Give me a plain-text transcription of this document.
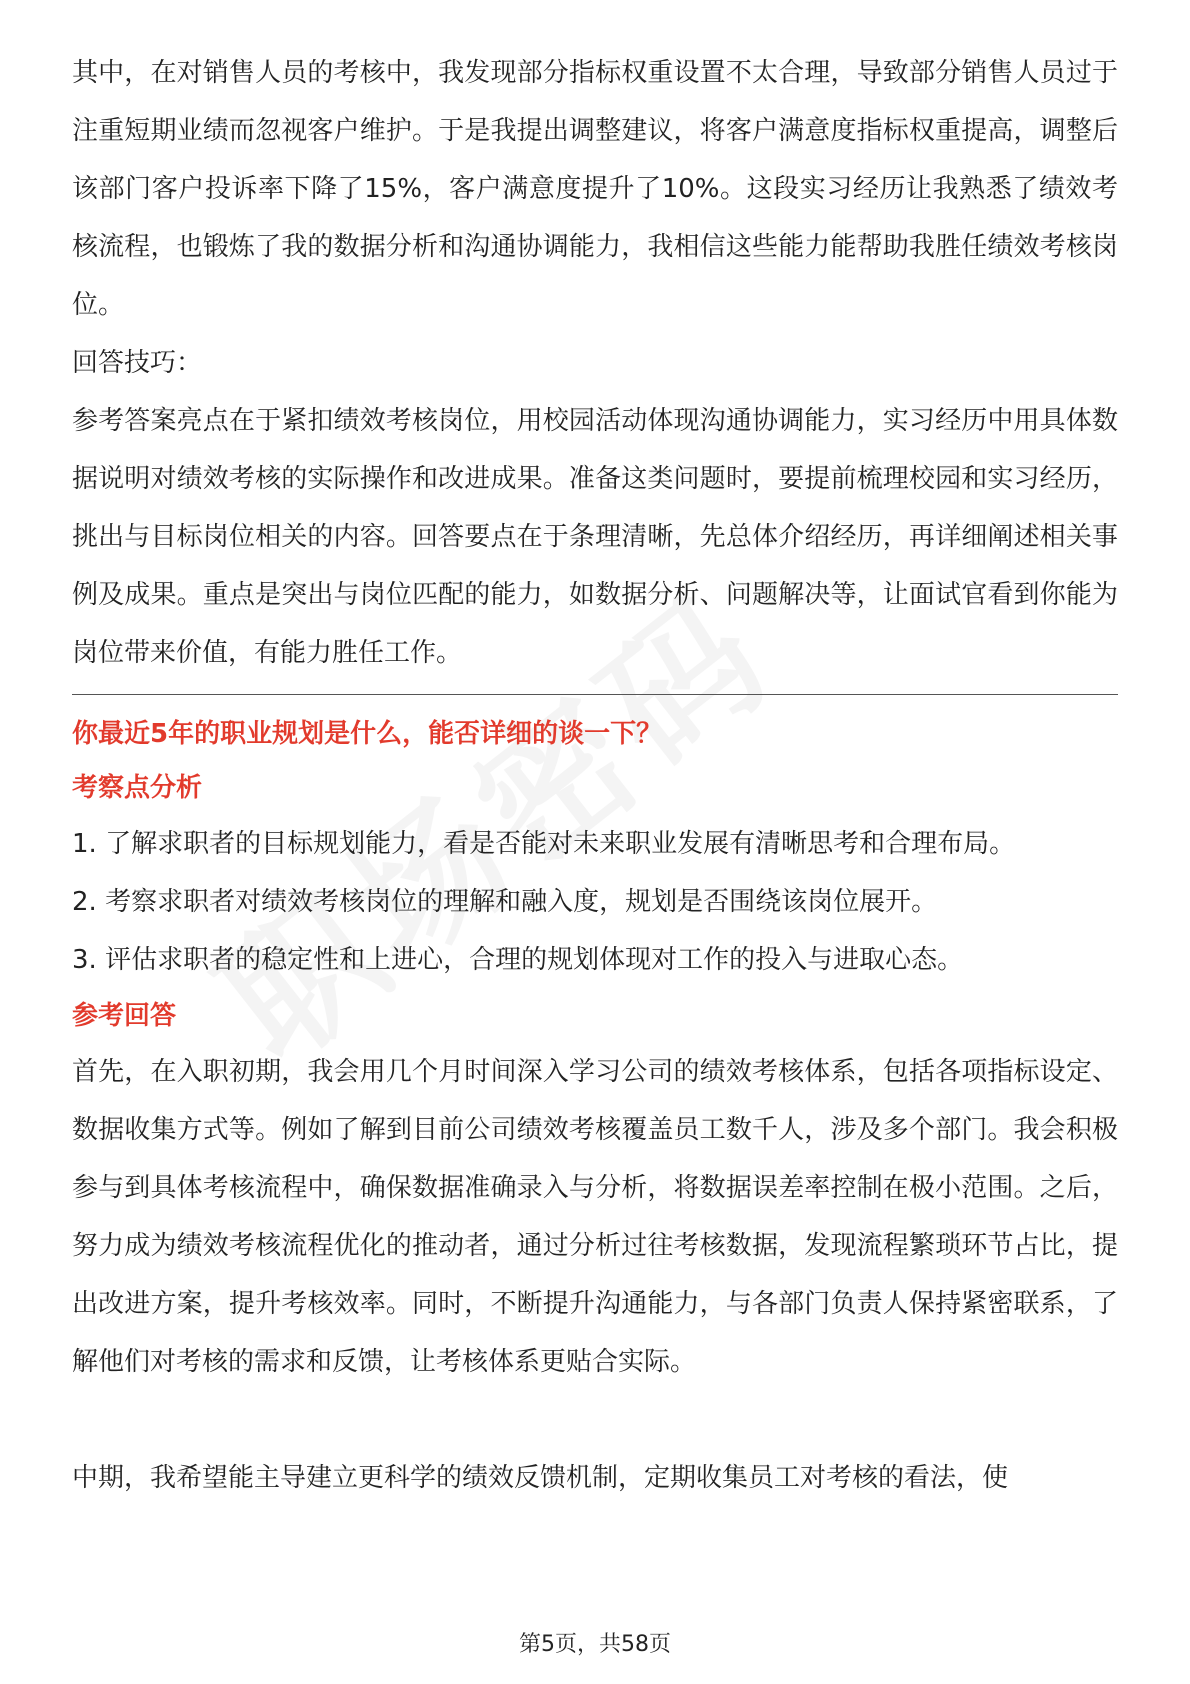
其中，在对销售人员的考核中，我发现部分指标权重设置不太合理，导致部分销售人员过于注重短期业绩而忽视客户维护。于是我提出调整建议，将客户满意度指标权重提高，调整后该部门客户投诉率下降了15%，客户满意度提升了10%。这段实习经历让我熟悉了绩效考核流程，也锻炼了我的数据分析和沟通协调能力，我相信这些能力能帮助我胜任绩效考核岗位。

回答技巧：

参考答案亮点在于紧扣绩效考核岗位，用校园活动体现沟通协调能力，实习经历中用具体数据说明对绩效考核的实际操作和改进成果。准备这类问题时，要提前梳理校园和实习经历，挑出与目标岗位相关的内容。回答要点在于条理清晰，先总体介绍经历，再详细阐述相关事例及成果。重点是突出与岗位匹配的能力，如数据分析、问题解决等，让面试官看到你能为岗位带来价值，有能力胜任工作。

你最近5年的职业规划是什么，能否详细的谈一下？

考察点分析

1. 了解求职者的目标规划能力，看是否能对未来职业发展有清晰思考和合理布局。

2. 考察求职者对绩效考核岗位的理解和融入度，规划是否围绕该岗位展开。

3. 评估求职者的稳定性和上进心，合理的规划体现对工作的投入与进取心态。

参考回答

首先，在入职初期，我会用几个月时间深入学习公司的绩效考核体系，包括各项指标设定、数据收集方式等。例如了解到目前公司绩效考核覆盖员工数千人，涉及多个部门。我会积极参与到具体考核流程中，确保数据准确录入与分析，将数据误差率控制在极小范围。之后，努力成为绩效考核流程优化的推动者，通过分析过往考核数据，发现流程繁琐环节占比，提出改进方案，提升考核效率。同时，不断提升沟通能力，与各部门负责人保持紧密联系，了解他们对考核的需求和反馈，让考核体系更贴合实际。

中期，我希望能主导建立更科学的绩效反馈机制，定期收集员工对考核的看法，使

第5页，共58页
